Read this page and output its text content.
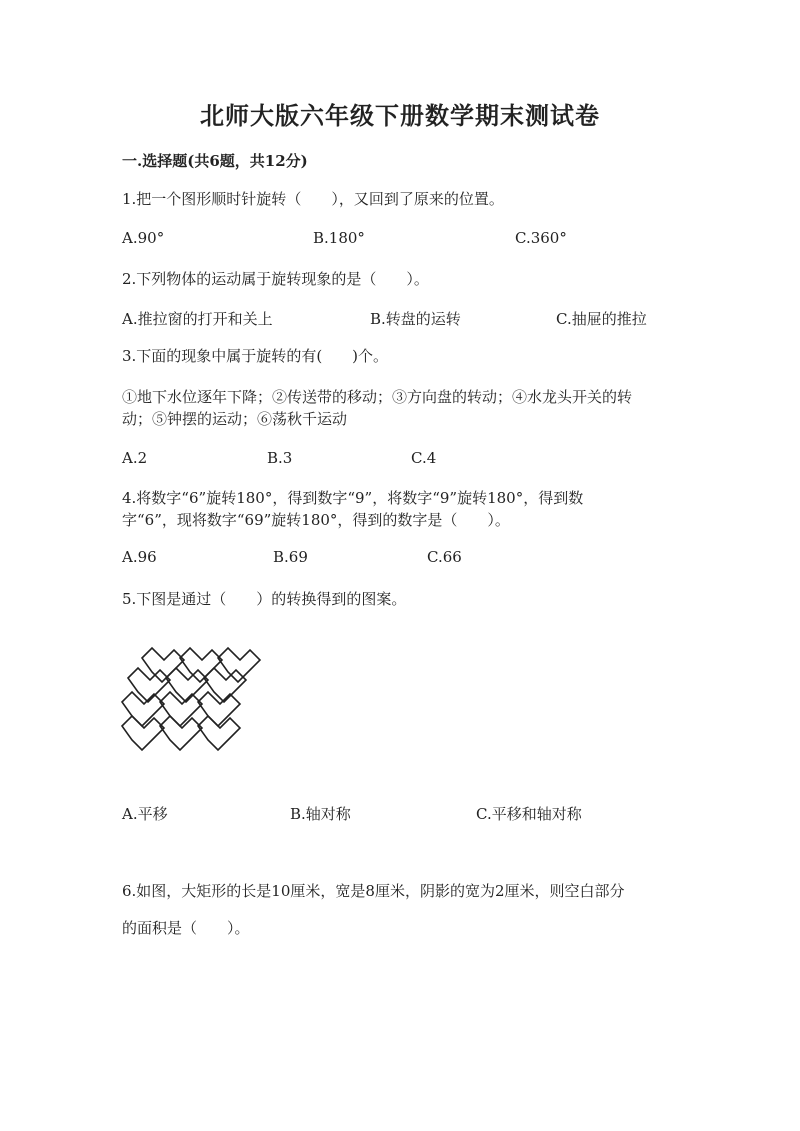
北师大版六年级下册数学期末测试卷
一.选择题(共6题，共12分)
1.把一个图形顺时针旋转（　　），又回到了原来的位置。
A.90°	B.180°	C.360°
2.下列物体的运动属于旋转现象的是（　　）。
A.推拉窗的打开和关上	B.转盘的运转	C.抽屉的推拉
3.下面的现象中属于旋转的有(　　)个。
①地下水位逐年下降；②传送带的移动；③方向盘的转动；④水龙头开关的转
动；⑤钟摆的运动；⑥荡秋千运动
A.2	B.3	C.4
4.将数字“6”旋转180°，得到数字“9”，将数字“9”旋转180°，得到数
字“6”，现将数字“69”旋转180°，得到的数字是（　　）。
A.96	B.69	C.66
5.下图是通过（　　）的转换得到的图案。
A.平移	B.轴对称	C.平移和轴对称
6.如图，大矩形的长是10厘米，宽是8厘米，阴影的宽为2厘米，则空白部分
的面积是（　　）。
